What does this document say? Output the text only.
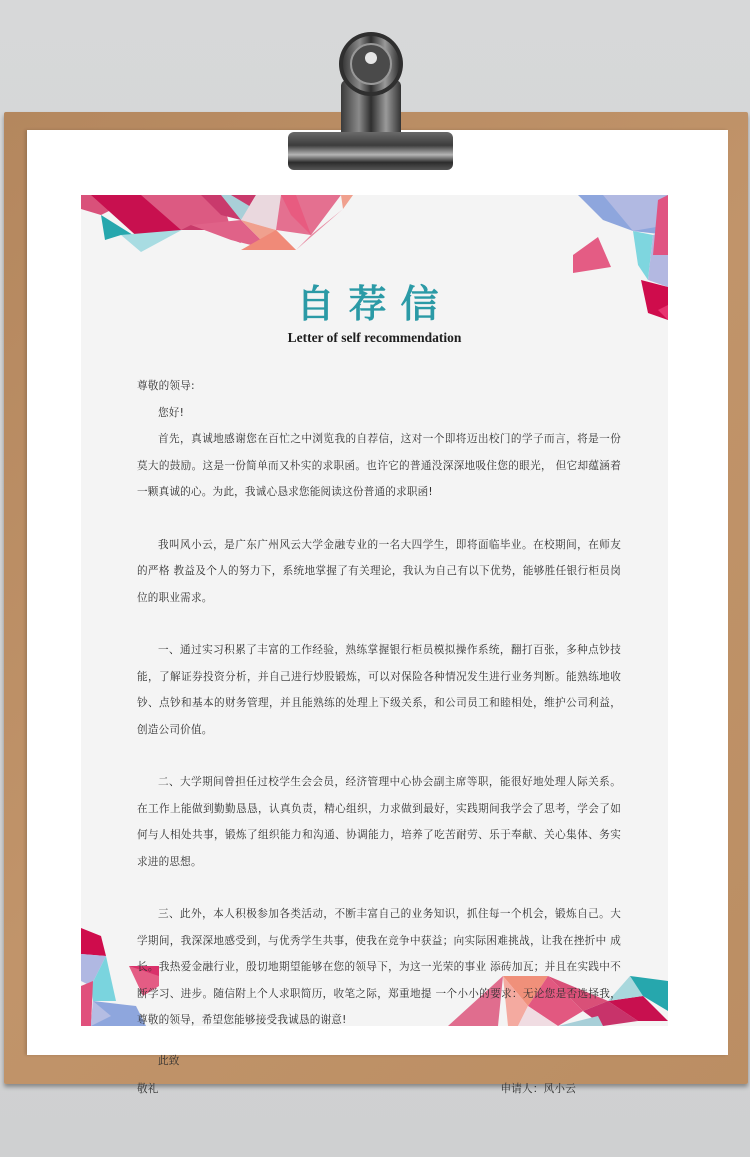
自荐信
Letter of self recommendation

尊敬的领导:

您好!

首先，真诚地感谢您在百忙之中浏览我的自荐信，这对一个即将迈出校门的学子而言，将是一份莫大的鼓励。这是一份简单而又朴实的求职函。也许它的普通没深深地吸住您的眼光， 但它却蕴涵着一颗真诚的心。为此，我诚心恳求您能阅读这份普通的求职函!

我叫风小云，是广东广州风云大学金融专业的一名大四学生，即将面临毕业。在校期间，在师友的严格 教益及个人的努力下，系统地掌握了有关理论，我认为自己有以下优势，能够胜任银行柜员岗位的职业需求。

一、通过实习积累了丰富的工作经验，熟练掌握银行柜员模拟操作系统，翻打百张，多种点钞技能，了解证券投资分析，并自己进行炒股锻炼，可以对保险各种情况发生进行业务判断。能熟练地收钞、点钞和基本的财务管理，并且能熟练的处理上下级关系，和公司员工和睦相处，维护公司利益，创造公司价值。

二、大学期间曾担任过校学生会会员，经济管理中心协会副主席等职，能很好地处理人际关系。在工作上能做到勤勤恳恳，认真负责，精心组织，力求做到最好，实践期间我学会了思考，学会了如何与人相处共事，锻炼了组织能力和沟通、协调能力，培养了吃苦耐劳、乐于奉献、关心集体、务实求进的思想。

三、此外，本人积极参加各类活动，不断丰富自己的业务知识，抓住每一个机会，锻炼自己。大学期间，我深深地感受到，与优秀学生共事，使我在竞争中获益；向实际困难挑战，让我在挫折中 成长。我热爱金融行业，殷切地期望能够在您的领导下，为这一光荣的事业 添砖加瓦；并且在实践中不断学习、进步。随信附上个人求职简历，收笔之际，郑重地提 一个小小的要求：无论您是否选择我，尊敬的领导，希望您能够接受我诚恳的谢意!

此致

敬礼	申请人：风小云
